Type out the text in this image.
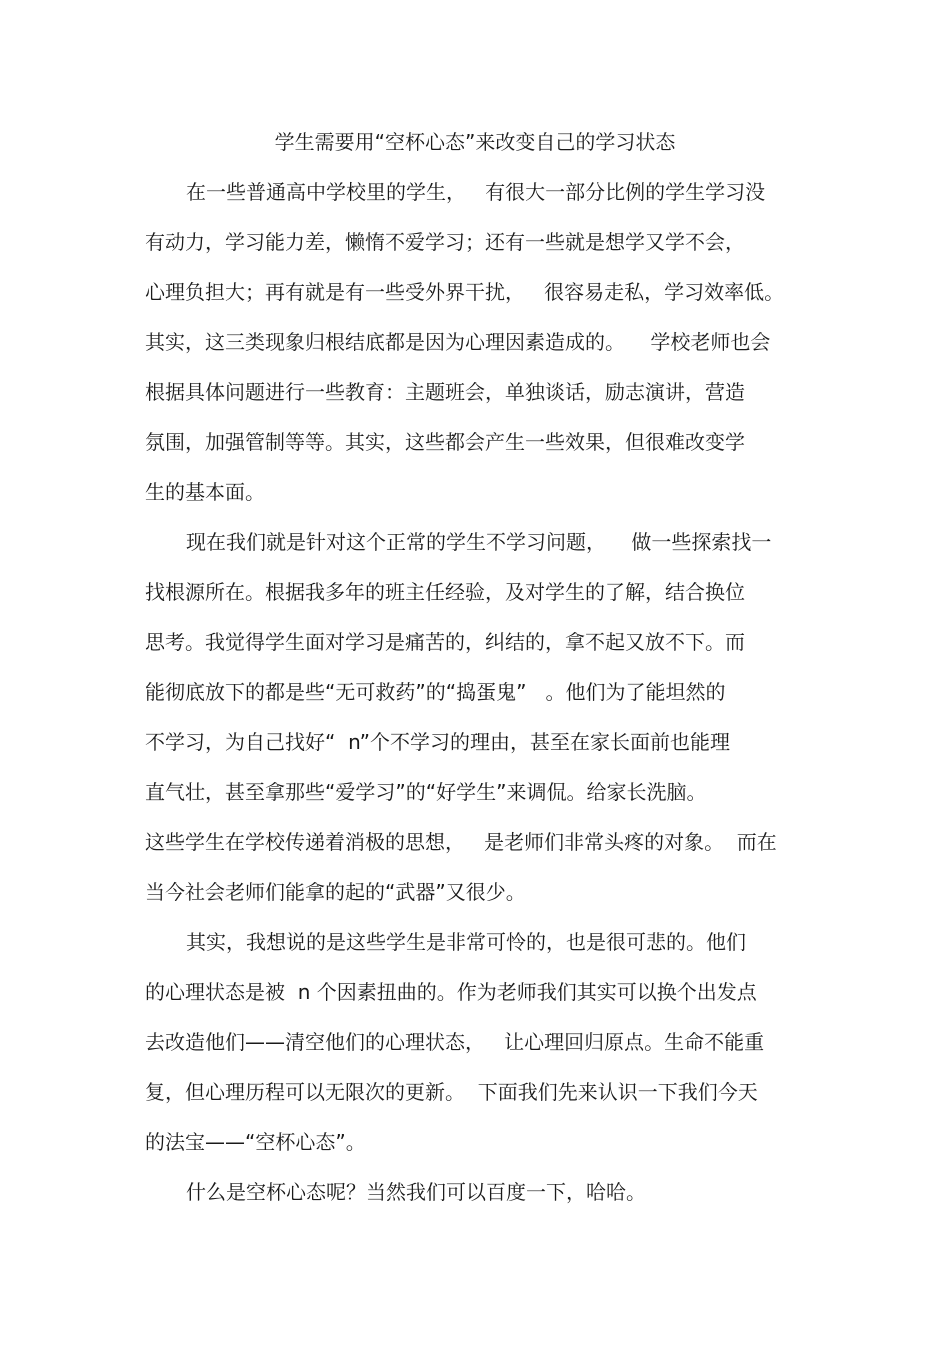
学生需要用“空杯心态”来改变自己的学习状态
在一些普通高中学校里的学生，   有很大一部分比例的学生学习没
有动力，学习能力差，懒惰不爱学习；还有一些就是想学又学不会，
心理负担大；再有就是有一些受外界干扰，   很容易走私，学习效率低。
其实，这三类现象归根结底都是因为心理因素造成的。    学校老师也会
根据具体问题进行一些教育：主题班会，单独谈话，励志演讲，营造
氛围，加强管制等等。其实，这些都会产生一些效果，但很难改变学
生的基本面。
现在我们就是针对这个正常的学生不学习问题，    做一些探索找一
找根源所在。根据我多年的班主任经验，及对学生的了解，结合换位
思考。我觉得学生面对学习是痛苦的，纠结的，拿不起又放不下。而
能彻底放下的都是些“无可救药”的“捣蛋鬼”   。他们为了能坦然的
不学习，为自己找好“  n”个不学习的理由，甚至在家长面前也能理
直气壮，甚至拿那些“爱学习”的“好学生”来调侃。给家长洗脑。
这些学生在学校传递着消极的思想，   是老师们非常头疼的对象。  而在
当今社会老师们能拿的起的“武器”又很少。
其实，我想说的是这些学生是非常可怜的，也是很可悲的。他们
的心理状态是被  n 个因素扭曲的。作为老师我们其实可以换个出发点
去改造他们——清空他们的心理状态，   让心理回归原点。生命不能重
复，但心理历程可以无限次的更新。  下面我们先来认识一下我们今天
的法宝——“空杯心态”。
什么是空杯心态呢？当然我们可以百度一下，哈哈。
